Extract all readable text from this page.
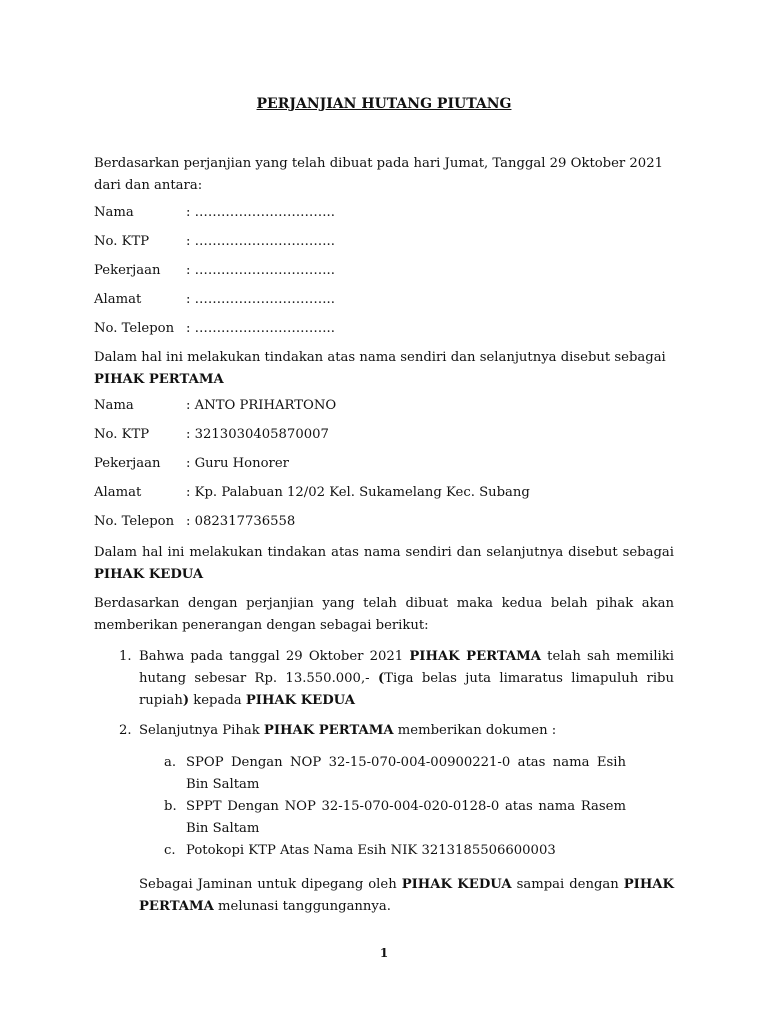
PERJANJIAN HUTANG PIUTANG

Berdasarkan perjanjian yang telah dibuat pada hari Jumat, Tanggal 29 Oktober 2021 dari dan antara:

Nama	: …………………………..
No. KTP	: …………………………..
Pekerjaan	: …………………………..
Alamat	: …………………………..
No. Telepon : …………………………..

Dalam hal ini melakukan tindakan atas nama sendiri dan selanjutnya disebut sebagai PIHAK PERTAMA

Nama	: ANTO PRIHARTONO
No. KTP	: 3213030405870007
Pekerjaan	: Guru Honorer
Alamat	: Kp. Palabuan 12/02 Kel. Sukamelang Kec. Subang
No. Telepon : 082317736558

Dalam hal ini melakukan tindakan atas nama sendiri dan selanjutnya disebut sebagai PIHAK KEDUA

Berdasarkan dengan perjanjian yang telah dibuat maka kedua belah pihak akan memberikan penerangan dengan sebagai berikut:

1. Bahwa pada tanggal 29 Oktober 2021 PIHAK PERTAMA telah sah memiliki hutang sebesar Rp. 13.550.000,- (Tiga belas juta limaratus limapuluh ribu rupiah) kepada PIHAK KEDUA
2. Selanjutnya Pihak PIHAK PERTAMA memberikan dokumen :
a. SPOP Dengan NOP 32-15-070-004-00900221-0 atas nama Esih Bin Saltam
b. SPPT Dengan NOP 32-15-070-004-020-0128-0 atas nama Rasem Bin Saltam
c. Potokopi KTP Atas Nama Esih NIK 3213185506600003
Sebagai Jaminan untuk dipegang oleh PIHAK KEDUA sampai dengan PIHAK PERTAMA melunasi tanggungannya.
1
